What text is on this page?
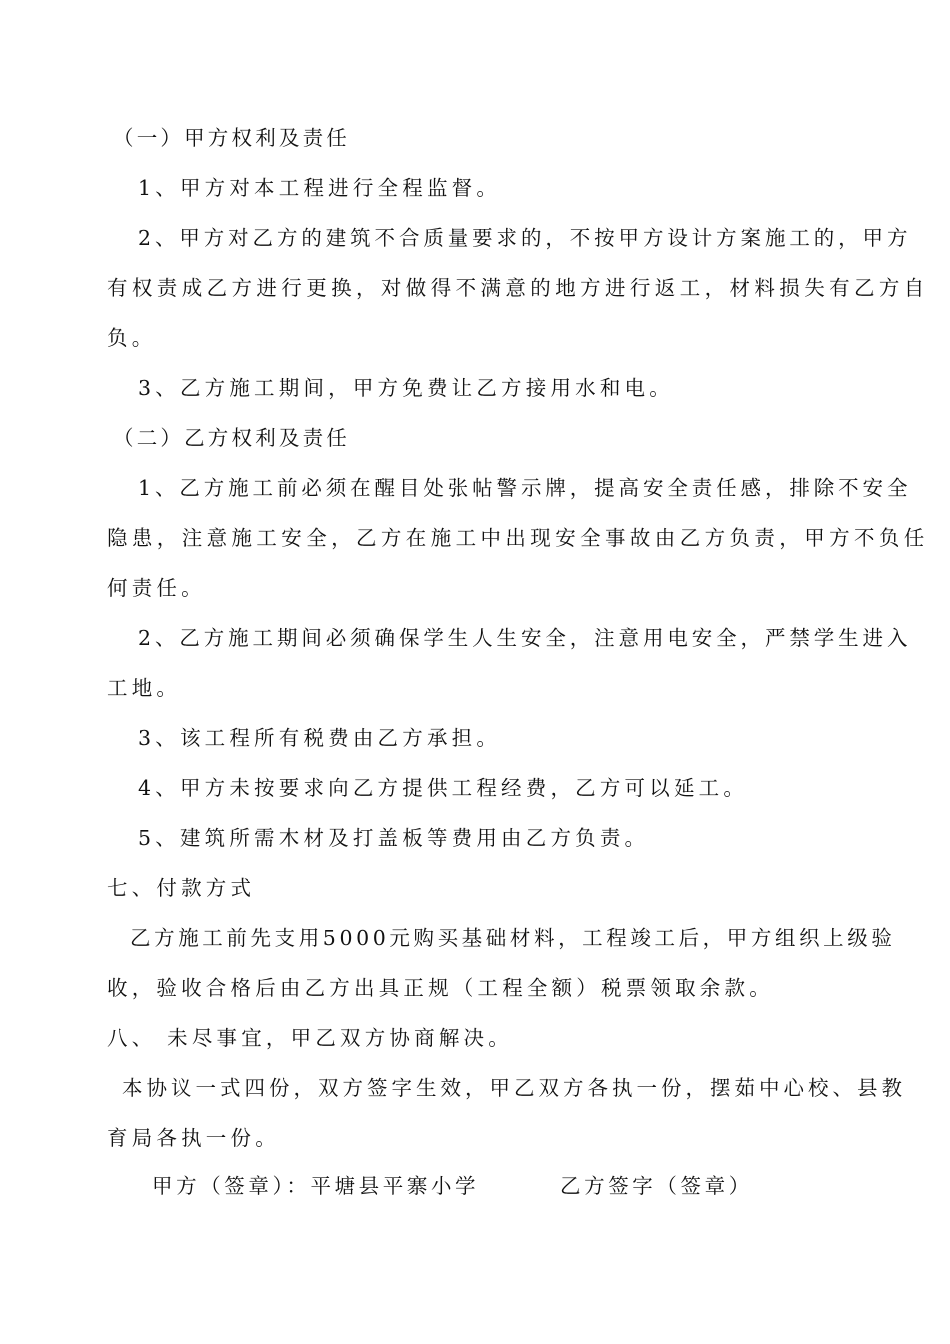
（一）甲方权利及责任
1、甲方对本工程进行全程监督。
2、甲方对乙方的建筑不合质量要求的，不按甲方设计方案施工的，甲方
有权责成乙方进行更换，对做得不满意的地方进行返工，材料损失有乙方自
负。
3、乙方施工期间，甲方免费让乙方接用水和电。
（二）乙方权利及责任
1、乙方施工前必须在醒目处张帖警示牌，提高安全责任感，排除不安全
隐患，注意施工安全，乙方在施工中出现安全事故由乙方负责，甲方不负任
何责任。
2、乙方施工期间必须确保学生人生安全，注意用电安全，严禁学生进入
工地。
3、该工程所有税费由乙方承担。
4、甲方未按要求向乙方提供工程经费，乙方可以延工。
5、建筑所需木材及打盖板等费用由乙方负责。
七、付款方式
乙方施工前先支用5000元购买基础材料，工程竣工后，甲方组织上级验
收，验收合格后由乙方出具正规（工程全额）税票领取余款。
八、 未尽事宜，甲乙双方协商解决。
本协议一式四份，双方签字生效，甲乙双方各执一份，摆茹中心校、县教
育局各执一份。
甲方（签章）：平塘县平寨小学	乙方签字（签章）
